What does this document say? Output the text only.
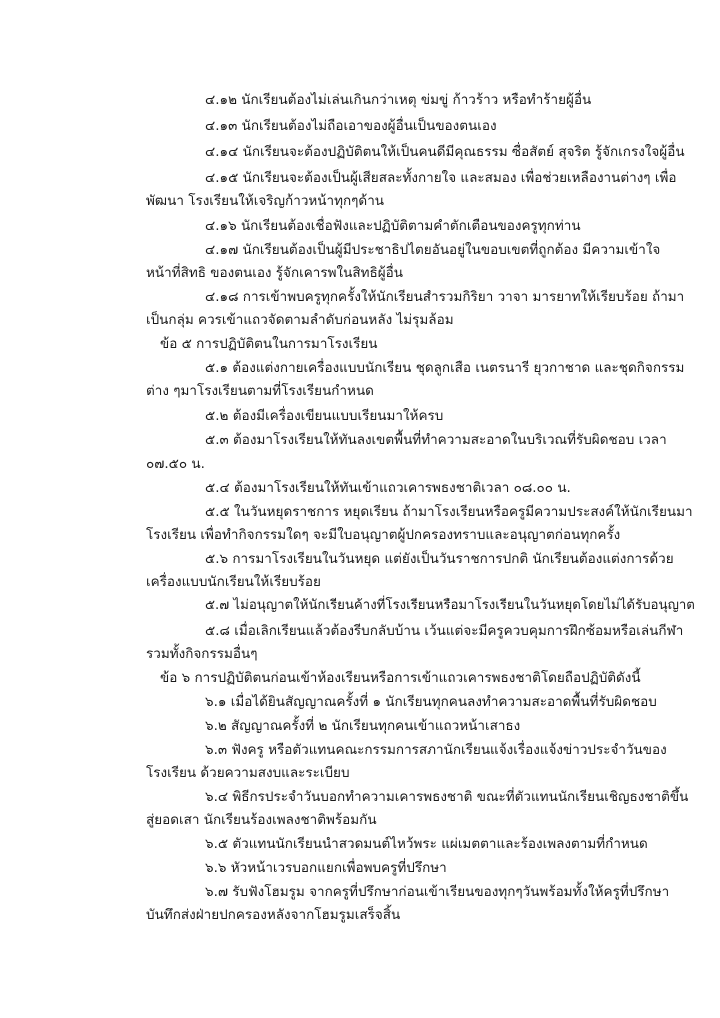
๔.๑๒ นักเรียนต้องไม่เล่นเกินกว่าเหตุ ข่มขู่ ก้าวร้าว หรือทำร้ายผู้อื่น
๔.๑๓ นักเรียนต้องไม่ถือเอาของผู้อื่นเป็นของตนเอง
๔.๑๔ นักเรียนจะต้องปฏิบัติตนให้เป็นคนดีมีคุณธรรม ซื่อสัตย์ สุจริต รู้จักเกรงใจผู้อื่น
๔.๑๕ นักเรียนจะต้องเป็นผู้เสียสละทั้งกายใจ และสมอง เพื่อช่วยเหลืองานต่างๆ เพื่อ
พัฒนา โรงเรียนให้เจริญก้าวหน้าทุกๆด้าน
๔.๑๖ นักเรียนต้องเชื่อฟังและปฏิบัติตามคำตักเตือนของครูทุกท่าน
๔.๑๗ นักเรียนต้องเป็นผู้มีประชาธิปไตยอันอยู่ในขอบเขตที่ถูกต้อง มีความเข้าใจ
หน้าที่สิทธิ ของตนเอง รู้จักเคารพในสิทธิผู้อื่น
๔.๑๘ การเข้าพบครูทุกครั้งให้นักเรียนสำรวมกิริยา วาจา มารยาทให้เรียบร้อย ถ้ามา
เป็นกลุ่ม ควรเข้าแถวจัดตามลำดับก่อนหลัง ไม่รุมล้อม
ข้อ ๕ การปฏิบัติตนในการมาโรงเรียน
๕.๑ ต้องแต่งกายเครื่องแบบนักเรียน ชุดลูกเสือ เนตรนารี ยุวกาชาด และชุดกิจกรรม
ต่าง ๆมาโรงเรียนตามที่โรงเรียนกำหนด
๕.๒ ต้องมีเครื่องเขียนแบบเรียนมาให้ครบ
๕.๓ ต้องมาโรงเรียนให้ทันลงเขตพื้นที่ทำความสะอาดในบริเวณที่รับผิดชอบ เวลา
๐๗.๕๐ น.
๕.๔ ต้องมาโรงเรียนให้ทันเข้าแถวเคารพธงชาติเวลา ๐๘.๐๐ น.
๕.๕ ในวันหยุดราชการ หยุดเรียน ถ้ามาโรงเรียนหรือครูมีความประสงค์ให้นักเรียนมา
โรงเรียน เพื่อทำกิจกรรมใดๆ จะมีใบอนุญาตผู้ปกครองทราบและอนุญาตก่อนทุกครั้ง
๕.๖ การมาโรงเรียนในวันหยุด แต่ยังเป็นวันราชการปกติ นักเรียนต้องแต่งการด้วย
เครื่องแบบนักเรียนให้เรียบร้อย
๕.๗ ไม่อนุญาตให้นักเรียนค้างที่โรงเรียนหรือมาโรงเรียนในวันหยุดโดยไม่ได้รับอนุญาต
๕.๘ เมื่อเลิกเรียนแล้วต้องรีบกลับบ้าน เว้นแต่จะมีครูควบคุมการฝึกซ้อมหรือเล่นกีฬา
รวมทั้งกิจกรรมอื่นๆ
ข้อ ๖ การปฏิบัติตนก่อนเข้าห้องเรียนหรือการเข้าแถวเคารพธงชาติโดยถือปฏิบัติดังนี้
๖.๑ เมื่อได้ยินสัญญาณครั้งที่ ๑ นักเรียนทุกคนลงทำความสะอาดพื้นที่รับผิดชอบ
๖.๒ สัญญาณครั้งที่ ๒ นักเรียนทุกคนเข้าแถวหน้าเสาธง
๖.๓ ฟังครู หรือตัวแทนคณะกรรมการสภานักเรียนแจ้งเรื่องแจ้งข่าวประจำวันของ
โรงเรียน ด้วยความสงบและระเบียบ
๖.๔ พิธีกรประจำวันบอกทำความเคารพธงชาติ ขณะที่ตัวแทนนักเรียนเชิญธงชาติขึ้น
สู่ยอดเสา นักเรียนร้องเพลงชาติพร้อมกัน
๖.๕ ตัวแทนนักเรียนนำสวดมนต์ไหว้พระ แผ่เมตตาและร้องเพลงตามที่กำหนด
๖.๖ หัวหน้าเวรบอกแยกเพื่อพบครูที่ปรึกษา
๖.๗ รับฟังโฮมรูม จากครูที่ปรึกษาก่อนเข้าเรียนของทุกๆวันพร้อมทั้งให้ครูที่ปรึกษา
บันทึกส่งฝ่ายปกครองหลังจากโฮมรูมเสร็จสิ้น
